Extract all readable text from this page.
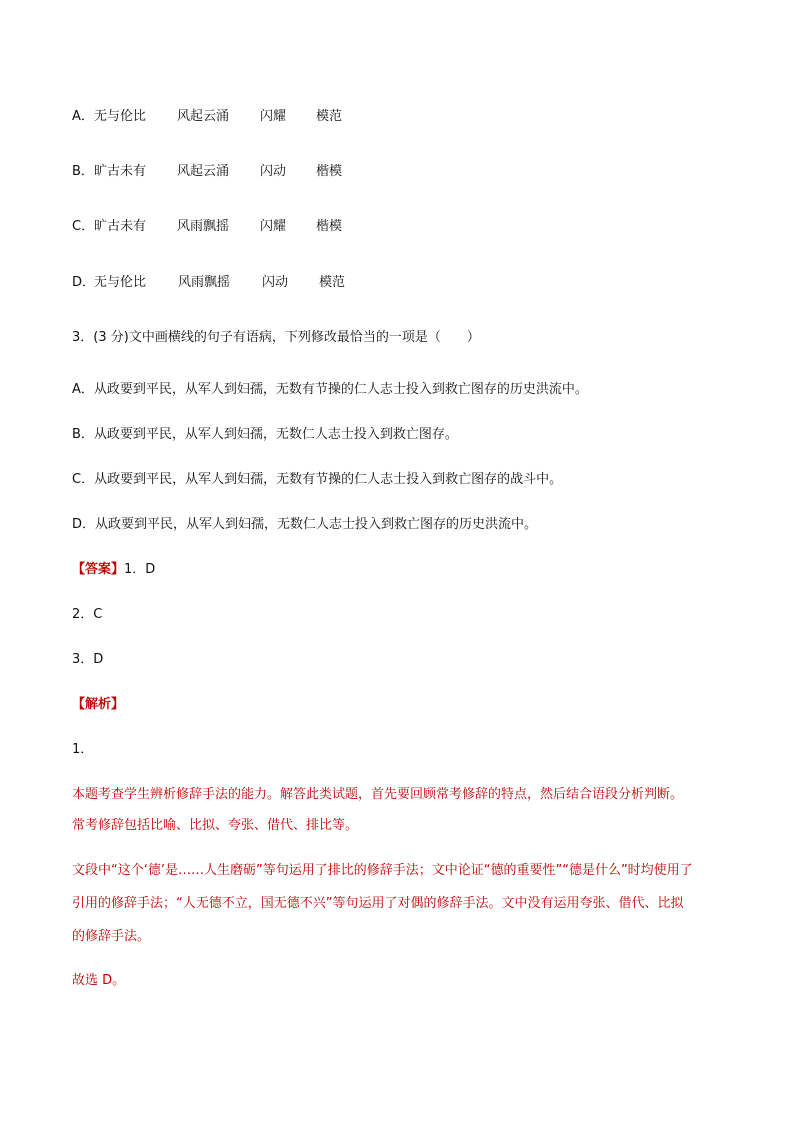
A．无与伦比 风起云涌 闪耀 模范
B．旷古未有 风起云涌 闪动 楷模
C．旷古未有 风雨飘摇 闪耀 楷模
D．无与伦比 风雨飘摇 闪动 模范
3．(3 分)文中画横线的句子有语病，下列修改最恰当的一项是（　　）
A．从政要到平民，从军人到妇孺，无数有节操的仁人志士投入到救亡图存的历史洪流中。
B．从政要到平民，从军人到妇孺，无数仁人志士投入到救亡图存。
C．从政要到平民，从军人到妇孺，无数有节操的仁人志士投入到救亡图存的战斗中。
D．从政要到平民，从军人到妇孺，无数仁人志士投入到救亡图存的历史洪流中。
【答案】1．D
2．C
3．D
【解析】
1．
本题考查学生辨析修辞手法的能力。解答此类试题，首先要回顾常考修辞的特点，然后结合语段分析判断。
常考修辞包括比喻、比拟、夸张、借代、排比等。
文段中“这个‘德’是……人生磨砺”等句运用了排比的修辞手法；文中论证“德的重要性”“德是什么”时均使用了
引用的修辞手法；“人无德不立，国无德不兴”等句运用了对偶的修辞手法。文中没有运用夸张、借代、比拟
的修辞手法。
故选 D。
